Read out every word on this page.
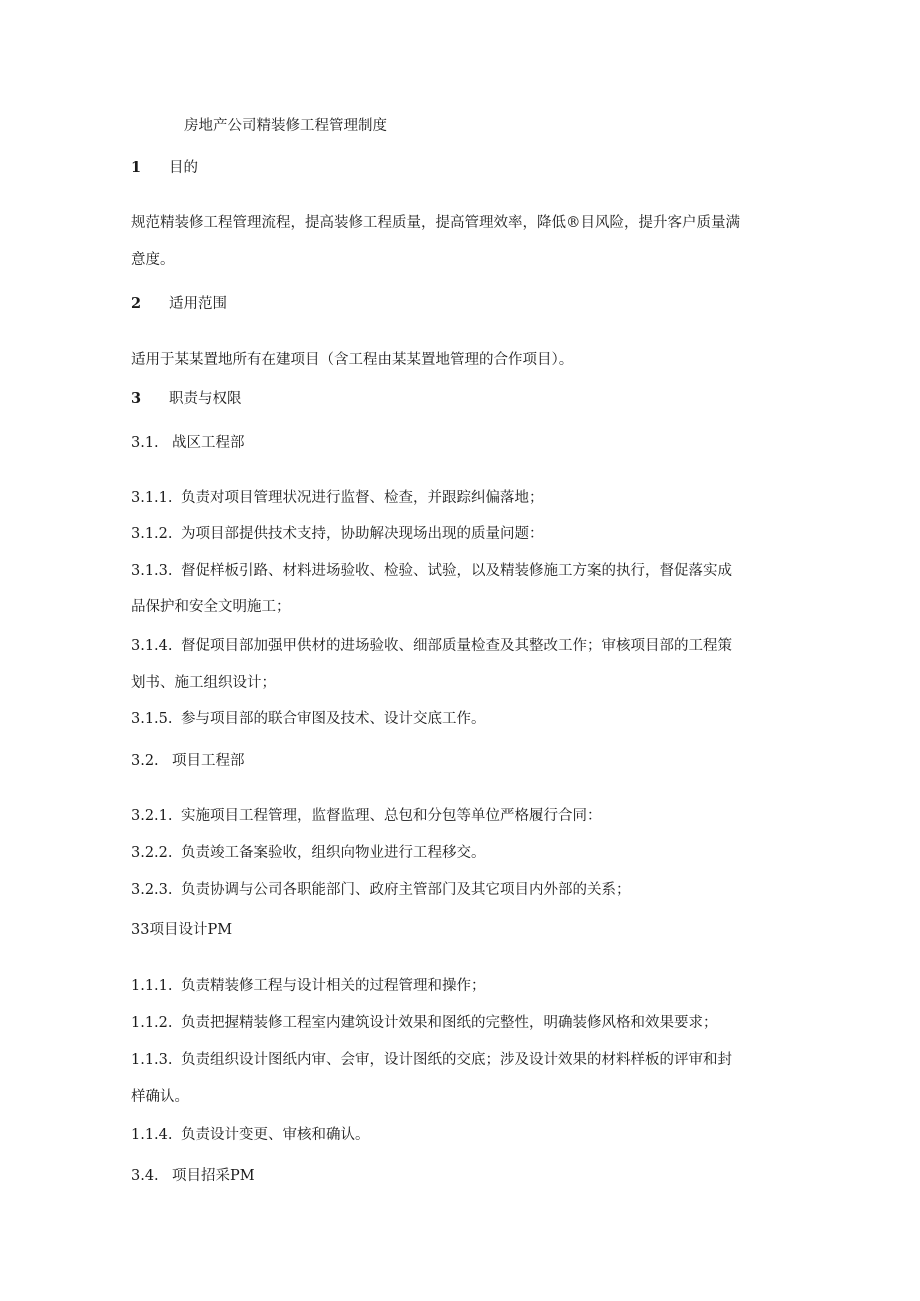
房地产公司精装修工程管理制度
1 目的
规范精装修工程管理流程，提高装修工程质量，提高管理效率，降低®目风险，提升客户质量满
意度。
2 适用范围
适用于某某置地所有在建项目（含工程由某某置地管理的合作项目）。
3 职责与权限
3.1. 战区工程部
3.1.1. 负责对项目管理状况进行监督、检查，并跟踪纠偏落地；
3.1.2. 为项目部提供技术支持，协助解决现场出现的质量问题：
3.1.3. 督促样板引路、材料进场验收、检验、试验，以及精装修施工方案的执行，督促落实成
品保护和安全文明施工；
3.1.4. 督促项目部加强甲供材的进场验收、细部质量检查及其整改工作；审核项目部的工程策
划书、施工组织设计；
3.1.5. 参与项目部的联合审图及技术、设计交底工作。
3.2. 项目工程部
3.2.1. 实施项目工程管理，监督监理、总包和分包等单位严格履行合同：
3.2.2. 负责竣工备案验收，组织向物业进行工程移交。
3.2.3. 负责协调与公司各职能部门、政府主管部门及其它项目内外部的关系；
33项目设计PM
1.1.1. 负责精装修工程与设计相关的过程管理和操作；
1.1.2. 负责把握精装修工程室内建筑设计效果和图纸的完整性，明确装修风格和效果要求；
1.1.3. 负责组织设计图纸内审、会审，设计图纸的交底；涉及设计效果的材料样板的评审和封
样确认。
1.1.4. 负责设计变更、审核和确认。
3.4. 项目招采PM
